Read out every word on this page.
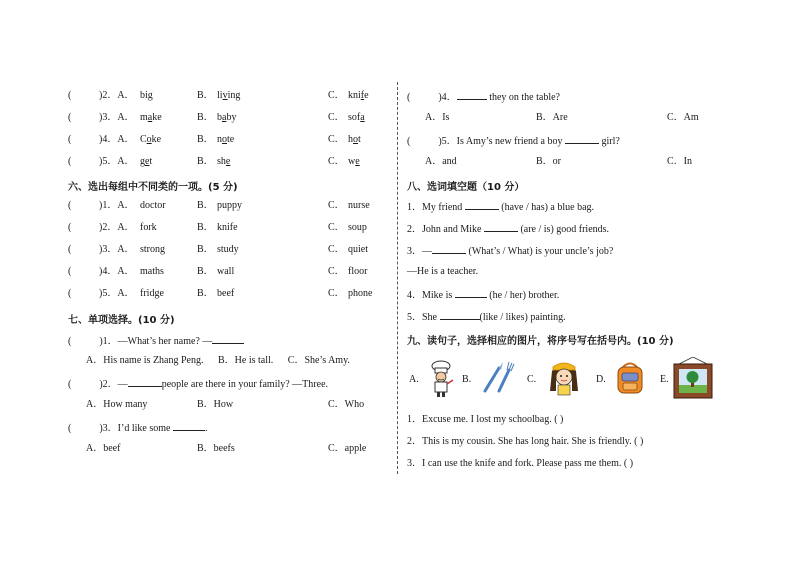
(	)2．A． big	B． living	C． knife
(	)3．A． make	B． baby	C． sofa
(	)4．A． Coke	B． note	C． hot
(	)5．A． get	B． she	C． we
六、选出每组中不同类的一项。(5 分)
(	)1．A． doctor	B． puppy	C． nurse
(	)2．A． fork	B． knife	C． soup
(	)3．A． strong	B． study	C． quiet
(	)4．A． maths	B． wall	C． floor
(	)5．A． fridge	B． beef	C． phone
七、单项选择。(10 分)
(	)1．—What’s her name? —
A．His name is Zhang Peng. B．He is tall. C．She’s Amy.
(	)2．—	people are there in your family? —Three.
A．How many	B．How	C．Who
(	)3．I’d like some	.
A．beef	B．beefs	C．apple
(	)4．	they on the table?
A．Is	B．Are	C．Am
(	)5．Is Amy’s new friend a boy	girl?
A．and	B．or	C．In
八、选词填空题（10 分）
1．My friend	(have / has) a blue bag.
2．John and Mike	(are / is) good friends.
3．—	(What’s / What) is your uncle’s job?
—He is a teacher.
4．Mike is	(he / her) brother.
5．She	(like / likes) painting.
九、读句子，选择相应的图片，将序号写在括号内。(10 分)
A.	B.	C.	D.	E.
1．Excuse me. I lost my schoolbag. ( )
2．This is my cousin. She has long hair. She is friendly. ( )
3．I can use the knife and fork. Please pass me them. ( )
